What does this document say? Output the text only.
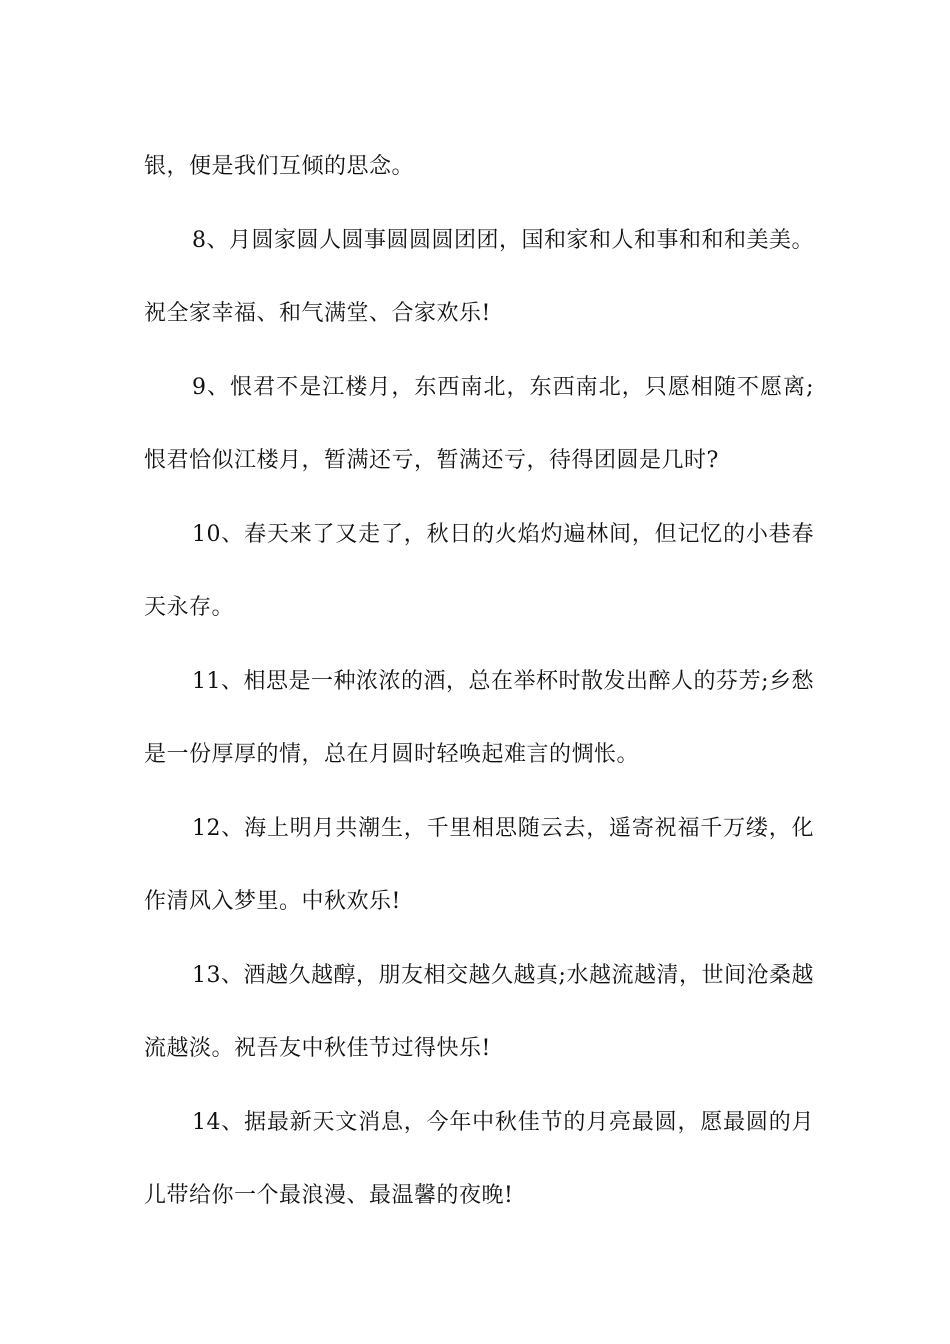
银，便是我们互倾的思念。

8、月圆家圆人圆事圆圆圆团团，国和家和人和事和和和美美。祝全家幸福、和气满堂、合家欢乐!

9、恨君不是江楼月，东西南北，东西南北，只愿相随不愿离;恨君恰似江楼月，暂满还亏，暂满还亏，待得团圆是几时?

10、春天来了又走了，秋日的火焰灼遍林间，但记忆的小巷春天永存。

11、相思是一种浓浓的酒，总在举杯时散发出醉人的芬芳;乡愁是一份厚厚的情，总在月圆时轻唤起难言的惆怅。

12、海上明月共潮生，千里相思随云去，遥寄祝福千万缕，化作清风入梦里。中秋欢乐!

13、酒越久越醇，朋友相交越久越真;水越流越清，世间沧桑越流越淡。祝吾友中秋佳节过得快乐!

14、据最新天文消息，今年中秋佳节的月亮最圆，愿最圆的月儿带给你一个最浪漫、最温馨的夜晚!
